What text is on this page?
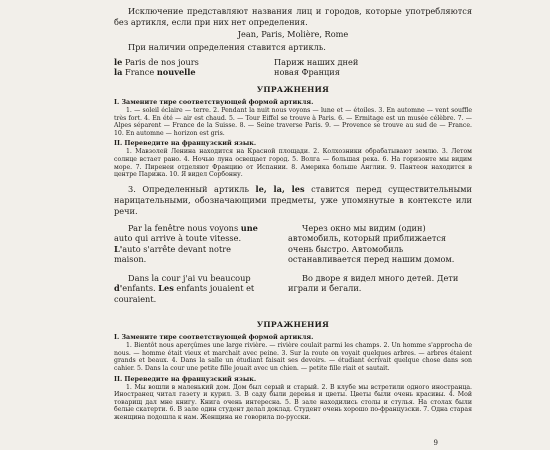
Исключение представляют названия лиц и городов, которые употребляются без артикля, если при них нет определения.

Jean, Paris, Molière, Rome

При наличии определения ставится артикль.

le Paris de nos jours
la France nouvelle
Париж наших дней
новая Франция
УПРАЖНЕНИЯ
I. Замените тире соответствующей формой артикля.

1. — soleil éclaire — terre. 2. Pendant la nuit nous voyons — lune et — étoiles. 3. En automne — vent souffle très fort. 4. En été — air est chaud. 5. — Tour Eiffel se trouve à Paris. 6. — Ermitage est un musée célèbre. 7. — Alpes séparent — France de la Suisse. 8. — Seine traverse Paris. 9. — Provence se trouve au sud de — France. 10. En automne — horizon est gris.

II. Переведите на французский язык.

1. Мавзолей Ленина находится на Красной площади. 2. Колхозники обрабатывают землю. 3. Летом солнце встает рано. 4. Ночью луна освещает город. 5. Волга — большая река. 6. На горизонте мы видим море. 7. Пиренеи отделяют Францию от Испании. 8. Америка больше Англии. 9. Пантеон находится в центре Парижа. 10. Я видел Сорбонну.

3. Определенный артикль le, la, les ставится перед существительными нарицательными, обозначающими предметы, уже упомянутые в контексте или речи.

Par la fenêtre nous voyons une auto qui arrive à toute vitesse. L'auto s'arrête devant notre maison.
Dans la cour j'ai vu beaucoup d'enfants. Les enfants jouaient et couraient.
Через окно мы видим (один) автомобиль, который приближается очень быстро. Автомобиль останавливается перед нашим домом.
Во дворе я видел много детей. Дети играли и бегали.
УПРАЖНЕНИЯ
I. Замените тире соответствующей формой артикля.

1. Bientôt nous aperçûmes une large rivière. — rivière coulait parmi les champs. 2. Un homme s'approcha de nous. — homme était vieux et marchait avec peine. 3. Sur la route on voyait quelques arbres. — arbres étaient grands et beaux. 4. Dans la salle un étudiant faisait ses devoirs. — étudiant écrivait quelque chose dans son cahier. 5. Dans la cour une petite fille jouait avec un chien. — petite fille riait et sautait.

II. Переведите на французский язык.

1. Мы вошли в маленький дом. Дом был серый и старый. 2. В клубе мы встретили одного иностранца. Иностранец читал газету и курил. 3. В саду были деревья и цветы. Цветы были очень красивы. 4. Мой товарищ дал мне книгу. Книга очень интересна. 5. В зале находились столы и стулья. На столах были белые скатерти. 6. В зале один студент делал доклад. Студент очень хорошо по-французски. 7. Одна старая женщина подошла к нам. Женщина не говорила по-русски.

9
